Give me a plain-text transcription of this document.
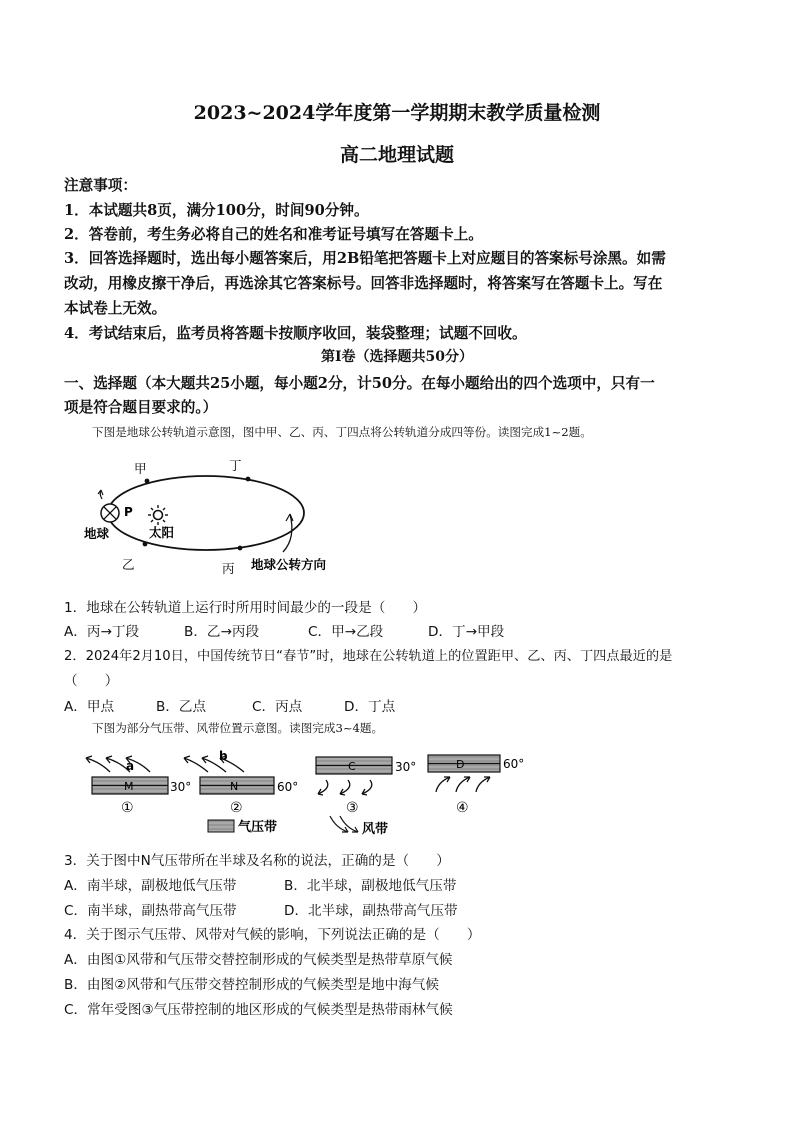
2023~2024学年度第一学期期末教学质量检测
高二地理试题
注意事项：
1．本试题共8页，满分100分，时间90分钟。
2．答卷前，考生务必将自己的姓名和准考证号填写在答题卡上。
3．回答选择题时，选出每小题答案后，用2B铅笔把答题卡上对应题目的答案标号涂黑。如需
改动，用橡皮擦干净后，再选涂其它答案标号。回答非选择题时，将答案写在答题卡上。写在
本试卷上无效。
4．考试结束后，监考员将答题卡按顺序收回，装袋整理；试题不回收。
第Ⅰ卷（选择题共50分）
一、选择题（本大题共25小题，每小题2分，计50分。在每小题给出的四个选项中，只有一
项是符合题目要求的。）
下图是地球公转轨道示意图，图中甲、乙、丙、丁四点将公转轨道分成四等份。读图完成1~2题。
甲	丁
乙	丙
P
地球	太阳
地球公转方向
1．地球在公转轨道上运行时所用时间最少的一段是（　　）
A．丙→丁段	B．乙→丙段	C．甲→乙段	D．丁→甲段
2．2024年2月10日，中国传统节日“春节”时，地球在公转轨道上的位置距甲、乙、丙、丁四点最近的是
（　　）
A．甲点	B．乙点	C．丙点	D．丁点
下图为部分气压带、风带位置示意图。读图完成3~4题。
M	N
C	D
a
b
30°	60°
30°	60°
①	②	③	④
气压带	风带
3．关于图中N气压带所在半球及名称的说法，正确的是（　　）
A．南半球，副极地低气压带	B．北半球，副极地低气压带
C．南半球，副热带高气压带	D．北半球，副热带高气压带
4．关于图示气压带、风带对气候的影响，下列说法正确的是（　　）
A．由图①风带和气压带交替控制形成的气候类型是热带草原气候
B．由图②风带和气压带交替控制形成的气候类型是地中海气候
C．常年受图③气压带控制的地区形成的气候类型是热带雨林气候
